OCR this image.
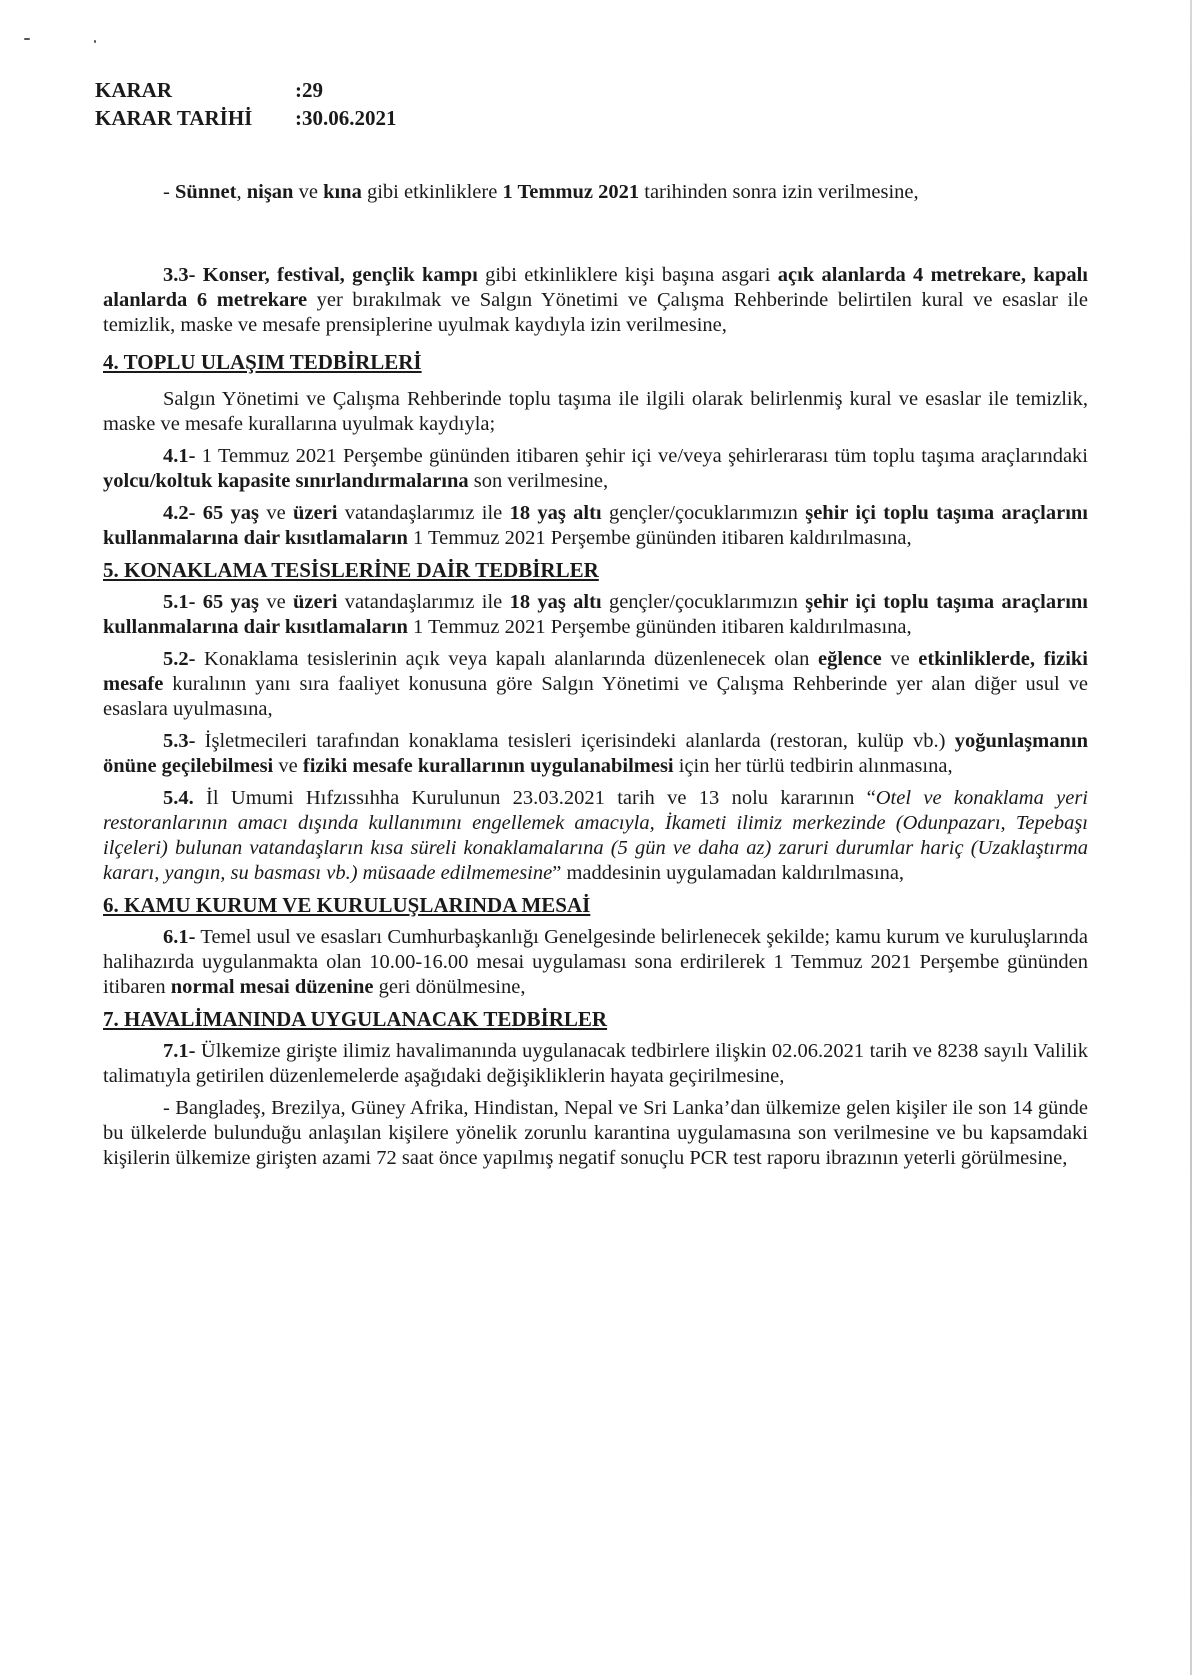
KARAR	:29
KARAR TARİHİ	:30.06.2021

- Sünnet, nişan ve kına gibi etkinliklere 1 Temmuz 2021 tarihinden sonra izin verilmesine,

3.3- Konser, festival, gençlik kampı gibi etkinliklere kişi başına asgari açık alanlarda 4 metrekare, kapalı alanlarda 6 metrekare yer bırakılmak ve Salgın Yönetimi ve Çalışma Rehberinde belirtilen kural ve esaslar ile temizlik, maske ve mesafe prensiplerine uyulmak kaydıyla izin verilmesine,

4. TOPLU ULAŞIM TEDBİRLERİ

Salgın Yönetimi ve Çalışma Rehberinde toplu taşıma ile ilgili olarak belirlenmiş kural ve esaslar ile temizlik, maske ve mesafe kurallarına uyulmak kaydıyla;

4.1- 1 Temmuz 2021 Perşembe gününden itibaren şehir içi ve/veya şehirlerarası tüm toplu taşıma araçlarındaki yolcu/koltuk kapasite sınırlandırmalarına son verilmesine,

4.2- 65 yaş ve üzeri vatandaşlarımız ile 18 yaş altı gençler/çocuklarımızın şehir içi toplu taşıma araçlarını kullanmalarına dair kısıtlamaların 1 Temmuz 2021 Perşembe gününden itibaren kaldırılmasına,

5. KONAKLAMA TESİSLERİNE DAİR TEDBİRLER

5.1- 65 yaş ve üzeri vatandaşlarımız ile 18 yaş altı gençler/çocuklarımızın şehir içi toplu taşıma araçlarını kullanmalarına dair kısıtlamaların 1 Temmuz 2021 Perşembe gününden itibaren kaldırılmasına,

5.2- Konaklama tesislerinin açık veya kapalı alanlarında düzenlenecek olan eğlence ve etkinliklerde, fiziki mesafe kuralının yanı sıra faaliyet konusuna göre Salgın Yönetimi ve Çalışma Rehberinde yer alan diğer usul ve esaslara uyulmasına,

5.3- İşletmecileri tarafından konaklama tesisleri içerisindeki alanlarda (restoran, kulüp vb.) yoğunlaşmanın önüne geçilebilmesi ve fiziki mesafe kurallarının uygulanabilmesi için her türlü tedbirin alınmasına,

5.4. İl Umumi Hıfzıssıhha Kurulunun 23.03.2021 tarih ve 13 nolu kararının “Otel ve konaklama yeri restoranlarının amacı dışında kullanımını engellemek amacıyla, İkameti ilimiz merkezinde (Odunpazarı, Tepebaşı ilçeleri) bulunan vatandaşların kısa süreli konaklamalarına (5 gün ve daha az) zaruri durumlar hariç (Uzaklaştırma kararı, yangın, su basması vb.) müsaade edilmemesine” maddesinin uygulamadan kaldırılmasına,

6. KAMU KURUM VE KURULUŞLARINDA MESAİ

6.1- Temel usul ve esasları Cumhurbaşkanlığı Genelgesinde belirlenecek şekilde; kamu kurum ve kuruluşlarında halihazırda uygulanmakta olan 10.00-16.00 mesai uygulaması sona erdirilerek 1 Temmuz 2021 Perşembe gününden itibaren normal mesai düzenine geri dönülmesine,

7. HAVALİMANINDA UYGULANACAK TEDBİRLER

7.1- Ülkemize girişte ilimiz havalimanında uygulanacak tedbirlere ilişkin 02.06.2021 tarih ve 8238 sayılı Valilik talimatıyla getirilen düzenlemelerde aşağıdaki değişikliklerin hayata geçirilmesine,

- Bangladeş, Brezilya, Güney Afrika, Hindistan, Nepal ve Sri Lanka’dan ülkemize gelen kişiler ile son 14 günde bu ülkelerde bulunduğu anlaşılan kişilere yönelik zorunlu karantina uygulamasına son verilmesine ve bu kapsamdaki kişilerin ülkemize girişten azami 72 saat önce yapılmış negatif sonuçlu PCR test raporu ibrazının yeterli görülmesine,
